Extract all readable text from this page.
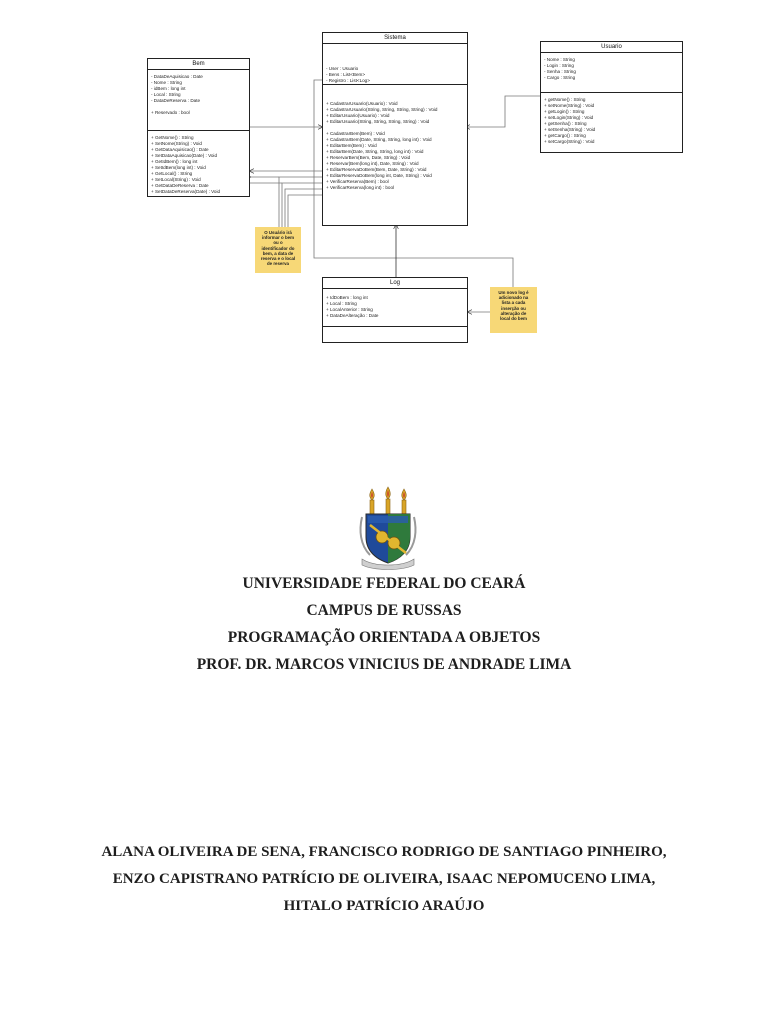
Bem
- DataDeAquisicao : Date
- Nome : String
- idBem : long int
- Local : String
- DataDeReserva : Date
+ Reservado : bool
+ GetNome() : String
+ SetNome(String) : Void
+ GetDataAquisicao() : Date
+ SetDataAquisicao(Date) : Void
+ GetIdBem() : long int
+ SetIdBem(long int) : Void
+ GetLocal() : String
+ SetLocal(String) : Void
+ GetDataDeReserva : Date
+ SetDataDeReserva(Date) : Void
Sistema
- User : Usuario
- Bens : List<Bem>
- Registro : List<Log>
+ CadastrarUsuario(Usuario) : Void
+ CadastrarUsuario(String, String, String, String) : Void
+ EditarUsuario(Usuario) : Void
+ EditarUsuario(String, String, String, String) : Void
+ CadastrarBem(Bem) : Void
+ CadastrarBem(Date, String, String, long int) : Void
+ EditarBem(Bem) : Void
+ EditarBem(Date, String, String, long int) : Void
+ ReservarBem(Bem, Date, String) : Void
+ Reservar(Bem(long int), Date, String) : Void
+ EditarReservaDoBem(Bem, Date, String) : Void
+ EditarReservaDoBem(long int, Date, String) : Void
+ VerificarReserva(Bem) : bool
+ VerificarReserva(long int) : bool
Usuario
- Nome : String
- Login : String
- Senha : String
- Cargo : String
+ getNome() : String
+ setNome(String) : Void
+ getLogin() : String
+ setLogin(String) : Void
+ getSenha() : String
+ setSenha(String) : Void
+ getCargo() : String
+ setCargo(String) : Void
Log
+ IdDoBem : long int
+ Local : String
+ LocalAnterior : String
+ DataDeAlteração : Date
O Usuário irá
informar o bem
ou o
identificador do
bem, a data de
reserva e o local
de reserva
Um novo log é
adicionado na
lista a cada
inserção ou
alteração de
local do bem
UNIVERSIDADE FEDERAL DO CEARÁ
CAMPUS DE RUSSAS
PROGRAMAÇÃO ORIENTADA A OBJETOS
PROF. DR. MARCOS VINICIUS DE ANDRADE LIMA
ALANA OLIVEIRA DE SENA, FRANCISCO RODRIGO DE SANTIAGO PINHEIRO,
ENZO CAPISTRANO PATRÍCIO DE OLIVEIRA, ISAAC NEPOMUCENO LIMA,
HITALO PATRÍCIO ARAÚJO
